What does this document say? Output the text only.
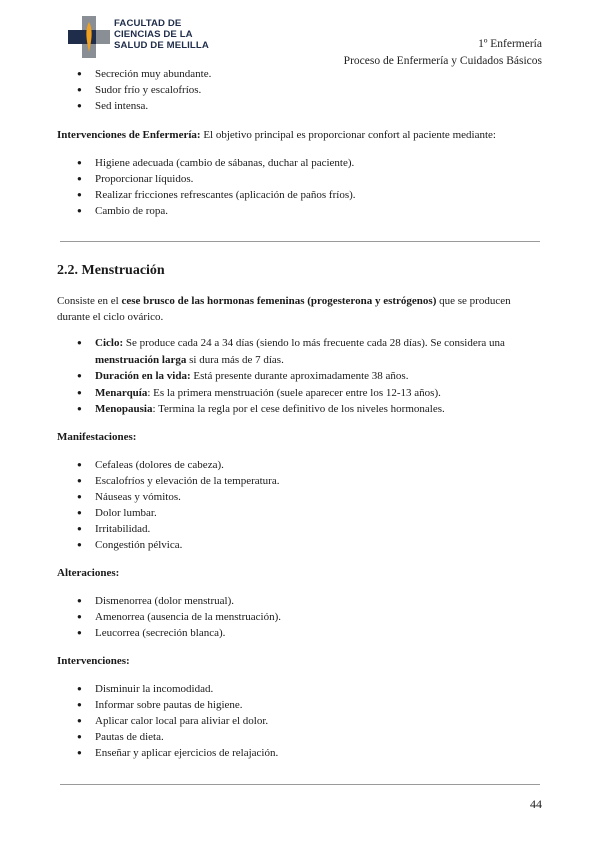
FACULTAD DE
CIENCIAS DE LA
SALUD DE MELILLA	1º Enfermería
Proceso de Enfermería y Cuidados Básicos
● Secreción muy abundante.
● Sudor frío y escalofríos.
● Sed intensa.
Intervenciones de Enfermería: El objetivo principal es proporcionar confort al paciente mediante:
● Higiene adecuada (cambio de sábanas, duchar al paciente).
● Proporcionar líquidos.
● Realizar fricciones refrescantes (aplicación de paños fríos).
● Cambio de ropa.
2.2. Menstruación
Consiste en el cese brusco de las hormonas femeninas (progesterona y estrógenos) que se producen durante el ciclo ovárico.
● Ciclo: Se produce cada 24 a 34 días (siendo lo más frecuente cada 28 días). Se considera una menstruación larga si dura más de 7 días.
● Duración en la vida: Está presente durante aproximadamente 38 años.
● Menarquía: Es la primera menstruación (suele aparecer entre los 12-13 años).
● Menopausia: Termina la regla por el cese definitivo de los niveles hormonales.
Manifestaciones:
● Cefaleas (dolores de cabeza).
● Escalofríos y elevación de la temperatura.
● Náuseas y vómitos.
● Dolor lumbar.
● Irritabilidad.
● Congestión pélvica.
Alteraciones:
● Dismenorrea (dolor menstrual).
● Amenorrea (ausencia de la menstruación).
● Leucorrea (secreción blanca).
Intervenciones:
● Disminuir la incomodidad.
● Informar sobre pautas de higiene.
● Aplicar calor local para aliviar el dolor.
● Pautas de dieta.
● Enseñar y aplicar ejercicios de relajación.
44
